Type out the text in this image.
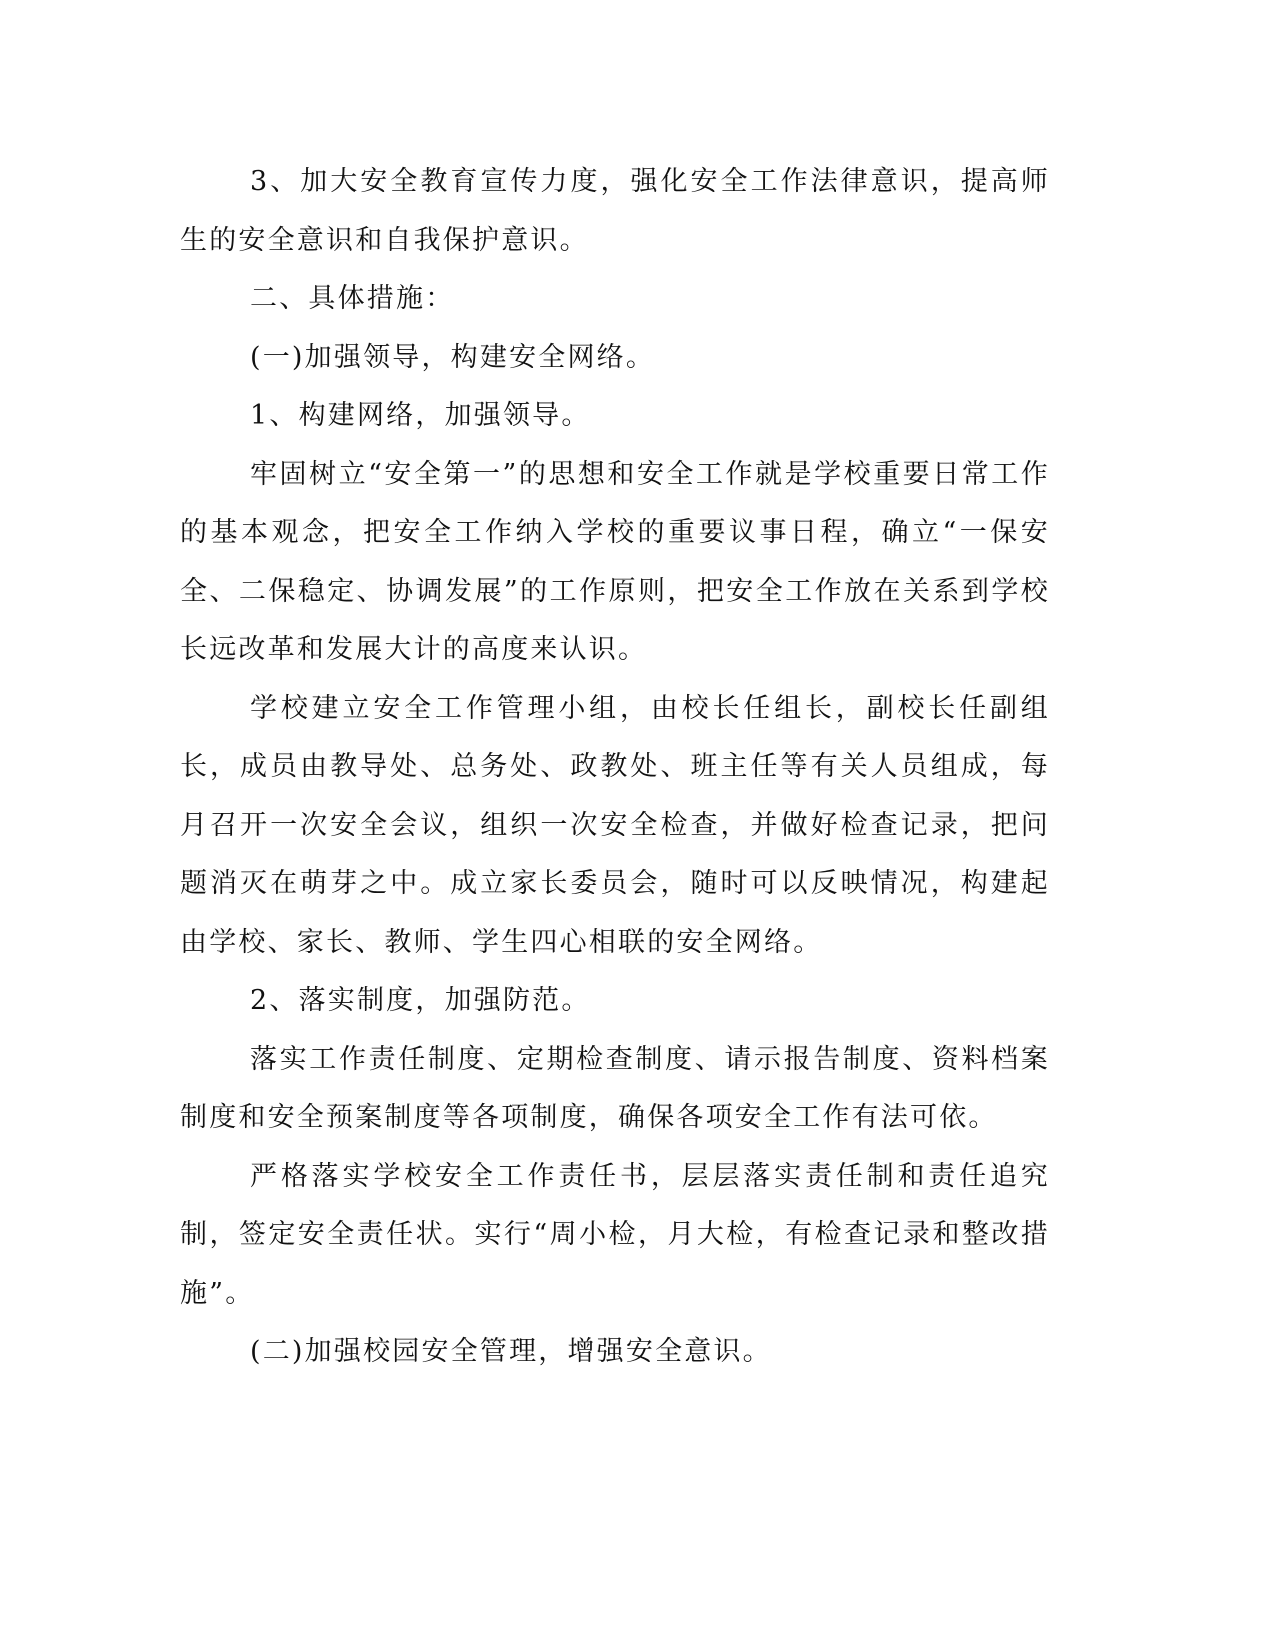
3、加大安全教育宣传力度，强化安全工作法律意识，提高师生的安全意识和自我保护意识。

二、具体措施：

(一)加强领导，构建安全网络。

1、构建网络，加强领导。

牢固树立“安全第一”的思想和安全工作就是学校重要日常工作的基本观念，把安全工作纳入学校的重要议事日程，确立“一保安全、二保稳定、协调发展”的工作原则，把安全工作放在关系到学校长远改革和发展大计的高度来认识。

学校建立安全工作管理小组，由校长任组长，副校长任副组长，成员由教导处、总务处、政教处、班主任等有关人员组成，每月召开一次安全会议，组织一次安全检查，并做好检查记录，把问题消灭在萌芽之中。成立家长委员会，随时可以反映情况，构建起由学校、家长、教师、学生四心相联的安全网络。

2、落实制度，加强防范。

落实工作责任制度、定期检查制度、请示报告制度、资料档案制度和安全预案制度等各项制度，确保各项安全工作有法可依。

严格落实学校安全工作责任书，层层落实责任制和责任追究制，签定安全责任状。实行“周小检，月大检，有检查记录和整改措施”。

(二)加强校园安全管理，增强安全意识。
